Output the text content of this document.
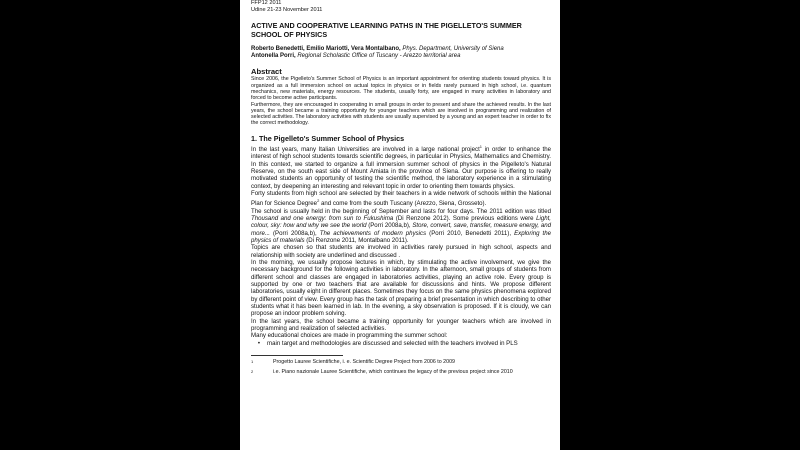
FFP12 2011
Udine 21-23 November 2011
ACTIVE AND COOPERATIVE LEARNING PATHS IN THE PIGELLETO'S SUMMER SCHOOL OF PHYSICS
Roberto Benedetti, Emilio Mariotti, Vera Montalbano, Phys. Department, University of Siena
Antonella Porri, Regional Scholastic Office of Tuscany - Arezzo territorial area
Abstract
Since 2006, the Pigelleto's Summer School of Physics is an important appointment for orienting students toward physics. It is organized as a full immersion school on actual topics in physics or in fields rarely pursued in high school, i.e. quantum mechanics, new materials, energy resources. The students, usually forty, are engaged in many activities in laboratory and forced to become active participants.
Furthermore, they are encouraged in cooperating in small groups in order to present and share the achieved results. In the last years, the school became a training opportunity for younger teachers which are involved in programming and realization of selected activities. The laboratory activities with students are usually supervised by a young and an expert teacher in order to fix the correct methodology.
1. The Pigelleto's Summer School of Physics

In the last years, many Italian Universities are involved in a large national project$^1$ in order to enhance the interest of high school students towards scientific degrees, in particular in Physics, Mathematics and Chemistry.

In this context, we started to organize a full immersion summer school of physics in the Pigelleto's Natural Reserve, on the south east side of Mount Amiata in the province of Siena. Our purpose is offering to really motivated students an opportunity of testing the scientific method, the laboratory experience in a stimulating context, by deepening an interesting and relevant topic in order to orienting them towards physics.

Forty students from high school are selected by their teachers in a wide network of schools within the National Plan for Science Degree$^2$ and come from the south Tuscany (Arezzo, Siena, Grosseto).

The school is usually held in the beginning of September and lasts for four days. The 2011 edition was titled Thousand and one energy: from sun to Fukushima (Di Renzone 2012). Some previous editions were Light, colour, sky: how and why we see the world (Porri 2008a,b), Store, convert, save, transfer, measure energy, and more... (Porri 2008a,b), The achievements of modern physics (Porri 2010, Benedetti 2011), Exploring the physics of materials (Di Renzone 2011, Montalbano 2011).

Topics are chosen so that students are involved in activities rarely pursued in high school, aspects and relationship with society are underlined and discussed .

In the morning, we usually propose lectures in which, by stimulating the active involvement, we give the necessary background for the following activities in laboratory. In the afternoon, small groups of students from different school and classes are engaged in laboratories activities, playing an active role. Every group is supported by one or two teachers that are available for discussions and hints. We propose different laboratories, usually eight in different places. Sometimes they focus on the same physics phenomena explored by different point of view. Every group has the task of preparing a brief presentation in which describing to other students what it has been learned in lab. In the evening, a sky observation is proposed. If it is cloudy, we can propose an indoor problem solving.

In the last years, the school became a training opportunity for younger teachers which are involved in programming and realization of selected activities.

Many educational choices are made in programming the summer school:

•	main target and methodologies are discussed and selected with the teachers involved in PLS
1	Progetto Lauree Scientifiche, i. e. Scientific Degree Project from 2006 to 2009
2	i.e. Piano nazionale Lauree Scientifiche, which continues the legacy of the previous project since 2010
